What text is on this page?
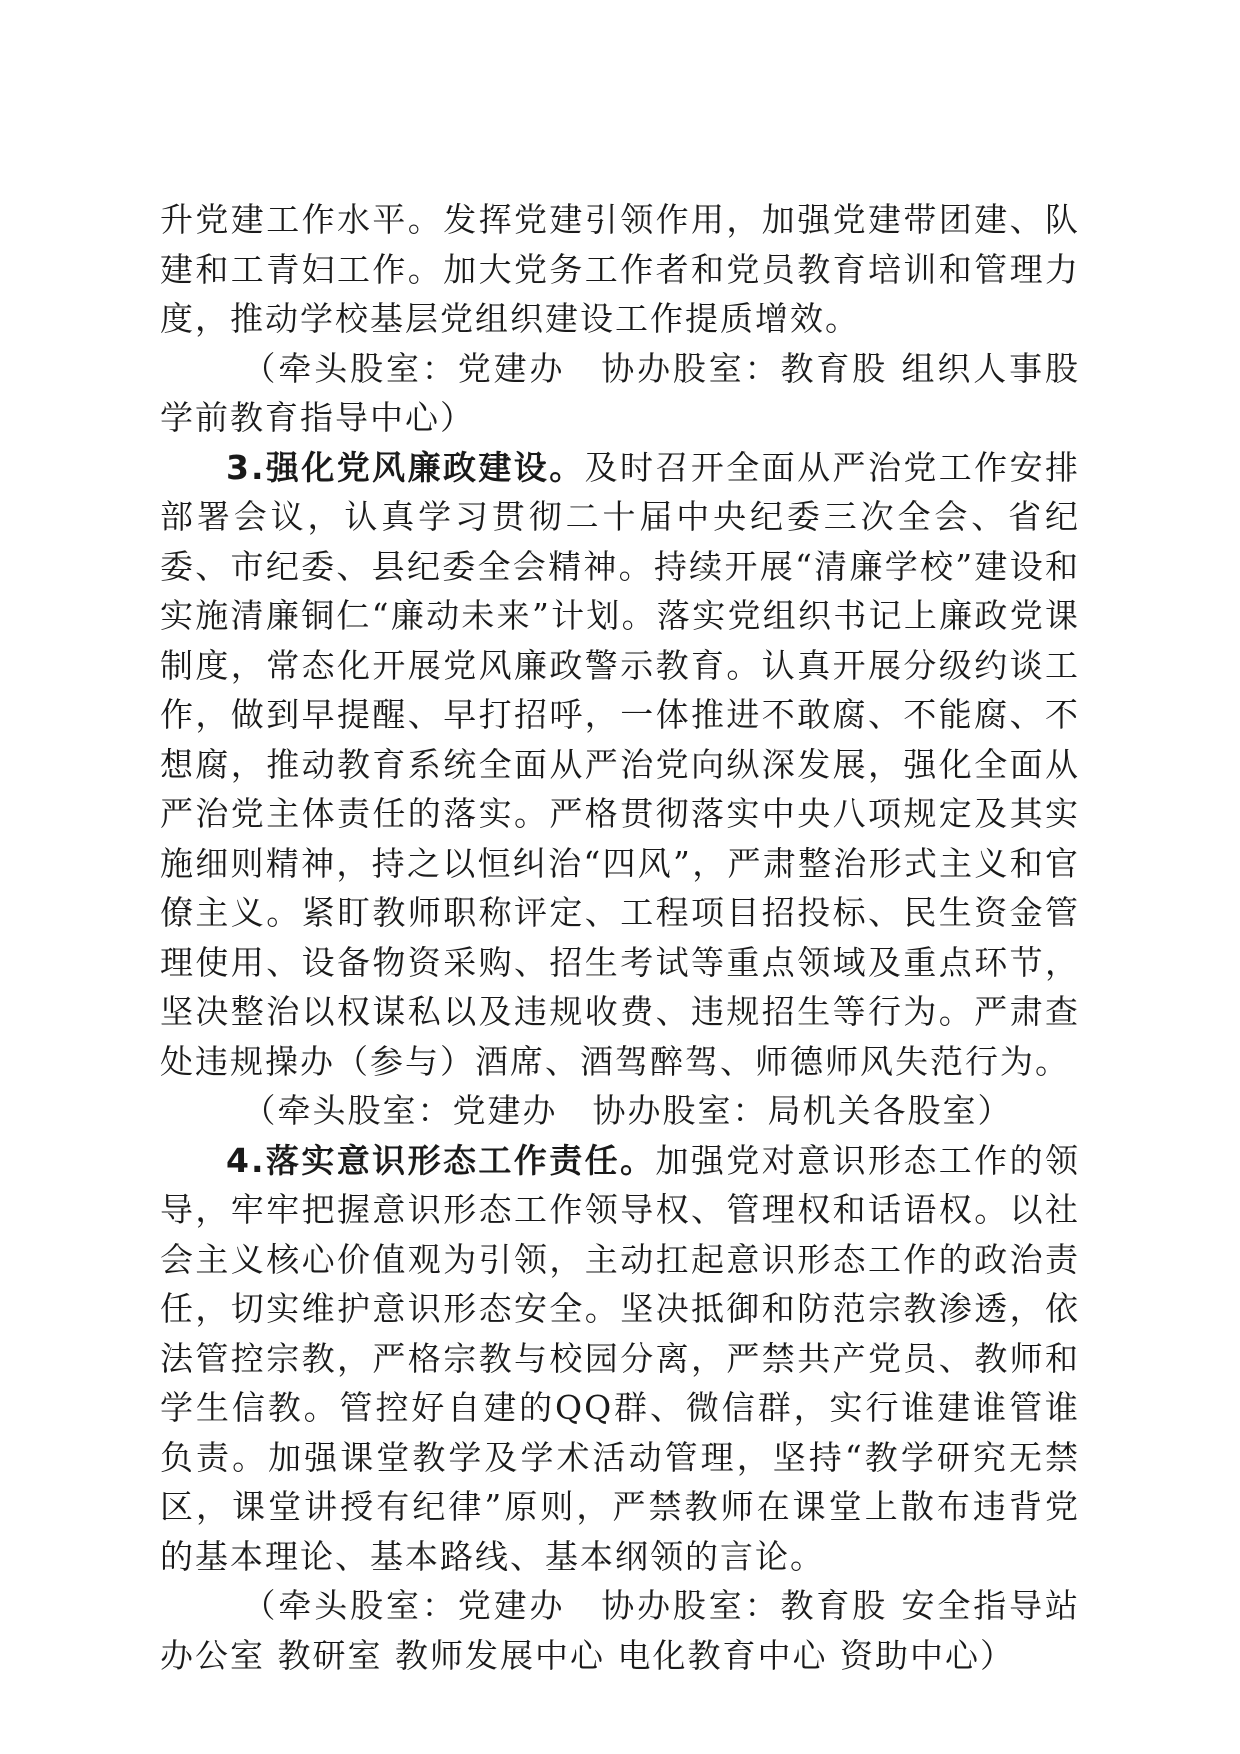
升党建工作水平。发挥党建引领作用，加强党建带团建、队建和工青妇工作。加大党务工作者和党员教育培训和管理力度，推动学校基层党组织建设工作提质增效。

（牵头股室：党建办　协办股室：教育股 组织人事股 学前教育指导中心）

3.强化党风廉政建设。及时召开全面从严治党工作安排部署会议，认真学习贯彻二十届中央纪委三次全会、省纪委、市纪委、县纪委全会精神。持续开展“清廉学校”建设和实施清廉铜仁“廉动未来”计划。落实党组织书记上廉政党课制度，常态化开展党风廉政警示教育。认真开展分级约谈工作，做到早提醒、早打招呼，一体推进不敢腐、不能腐、不想腐，推动教育系统全面从严治党向纵深发展，强化全面从严治党主体责任的落实。严格贯彻落实中央八项规定及其实施细则精神，持之以恒纠治“四风”，严肃整治形式主义和官僚主义。紧盯教师职称评定、工程项目招投标、民生资金管理使用、设备物资采购、招生考试等重点领域及重点环节，坚决整治以权谋私以及违规收费、违规招生等行为。严肃查处违规操办（参与）酒席、酒驾醉驾、师德师风失范行为。

（牵头股室：党建办　协办股室：局机关各股室）

4.落实意识形态工作责任。加强党对意识形态工作的领导，牢牢把握意识形态工作领导权、管理权和话语权。以社会主义核心价值观为引领，主动扛起意识形态工作的政治责任，切实维护意识形态安全。坚决抵御和防范宗教渗透，依法管控宗教，严格宗教与校园分离，严禁共产党员、教师和学生信教。管控好自建的QQ群、微信群，实行谁建谁管谁负责。加强课堂教学及学术活动管理，坚持“教学研究无禁区，课堂讲授有纪律”原则，严禁教师在课堂上散布违背党的基本理论、基本路线、基本纲领的言论。

（牵头股室：党建办　协办股室：教育股 安全指导站 办公室 教研室 教师发展中心 电化教育中心 资助中心）
